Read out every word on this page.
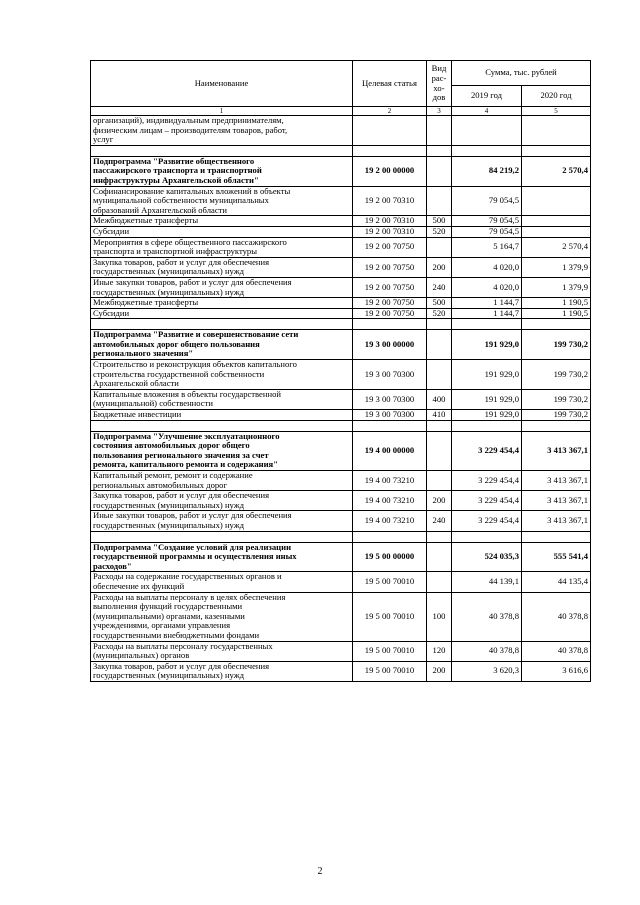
Наименование	Целевая статья	Вид
рас-
хо-
дов	Сумма, тыс. рублей	
			2019 год	2020 год
1	2	3	4	5
организаций), индивидуальным предпринимателям,
физическим лицам – производителям товаров, работ,
услуг				

Подпрограмма "Развитие общественного
пассажирского транспорта и транспортной
инфраструктуры Архангельской области"	19 2 00 00000		84 219,2	2 570,4
Софинансирование капитальных вложений в объекты
муниципальной собственности муниципальных
образований Архангельской области	19 2 00 70310		79 054,5	
Межбюджетные трансферты	19 2 00 70310	500	79 054,5	
Субсидии	19 2 00 70310	520	79 054,5	
Мероприятия в сфере общественного пассажирского
транспорта и транспортной инфраструктуры	19 2 00 70750		5 164,7	2 570,4
Закупка товаров, работ и услуг для обеспечения
государственных (муниципальных) нужд	19 2 00 70750	200	4 020,0	1 379,9
Иные закупки товаров, работ и услуг для обеспечения
государственных (муниципальных) нужд	19 2 00 70750	240	4 020,0	1 379,9
Межбюджетные трансферты	19 2 00 70750	500	1 144,7	1 190,5
Субсидии	19 2 00 70750	520	1 144,7	1 190,5

Подпрограмма "Развитие и совершенствование сети
автомобильных дорог общего пользования
регионального значения"	19 3 00 00000		191 929,0	199 730,2
Строительство и реконструкция объектов капитального
строительства государственной собственности
Архангельской области	19 3 00 70300		191 929,0	199 730,2
Капитальные вложения в объекты государственной
(муниципальной) собственности	19 3 00 70300	400	191 929,0	199 730,2
Бюджетные инвестиции	19 3 00 70300	410	191 929,0	199 730,2

Подпрограмма "Улучшение эксплуатационного
состояния автомобильных дорог общего
пользования регионального значения за счет
ремонта, капитального ремонта и содержания"	19 4 00 00000		3 229 454,4	3 413 367,1
Капитальный ремонт, ремонт и содержание
региональных автомобильных дорог	19 4 00 73210		3 229 454,4	3 413 367,1
Закупка товаров, работ и услуг для обеспечения
государственных (муниципальных) нужд	19 4 00 73210	200	3 229 454,4	3 413 367,1
Иные закупки товаров, работ и услуг для обеспечения
государственных (муниципальных) нужд	19 4 00 73210	240	3 229 454,4	3 413 367,1

Подпрограмма "Создание условий для реализации
государственной программы и осуществления иных
расходов"	19 5 00 00000		524 035,3	555 541,4
Расходы на содержание государственных органов и
обеспечение их функций	19 5 00 70010		44 139,1	44 135,4
Расходы на выплаты персоналу в целях обеспечения
выполнения функций государственными
(муниципальными) органами, казенными
учреждениями, органами управления
государственными внебюджетными фондами	19 5 00 70010	100	40 378,8	40 378,8
Расходы на выплаты персоналу государственных
(муниципальных) органов	19 5 00 70010	120	40 378,8	40 378,8
Закупка товаров, работ и услуг для обеспечения
государственных (муниципальных) нужд	19 5 00 70010	200	3 620,3	3 616,6
2
